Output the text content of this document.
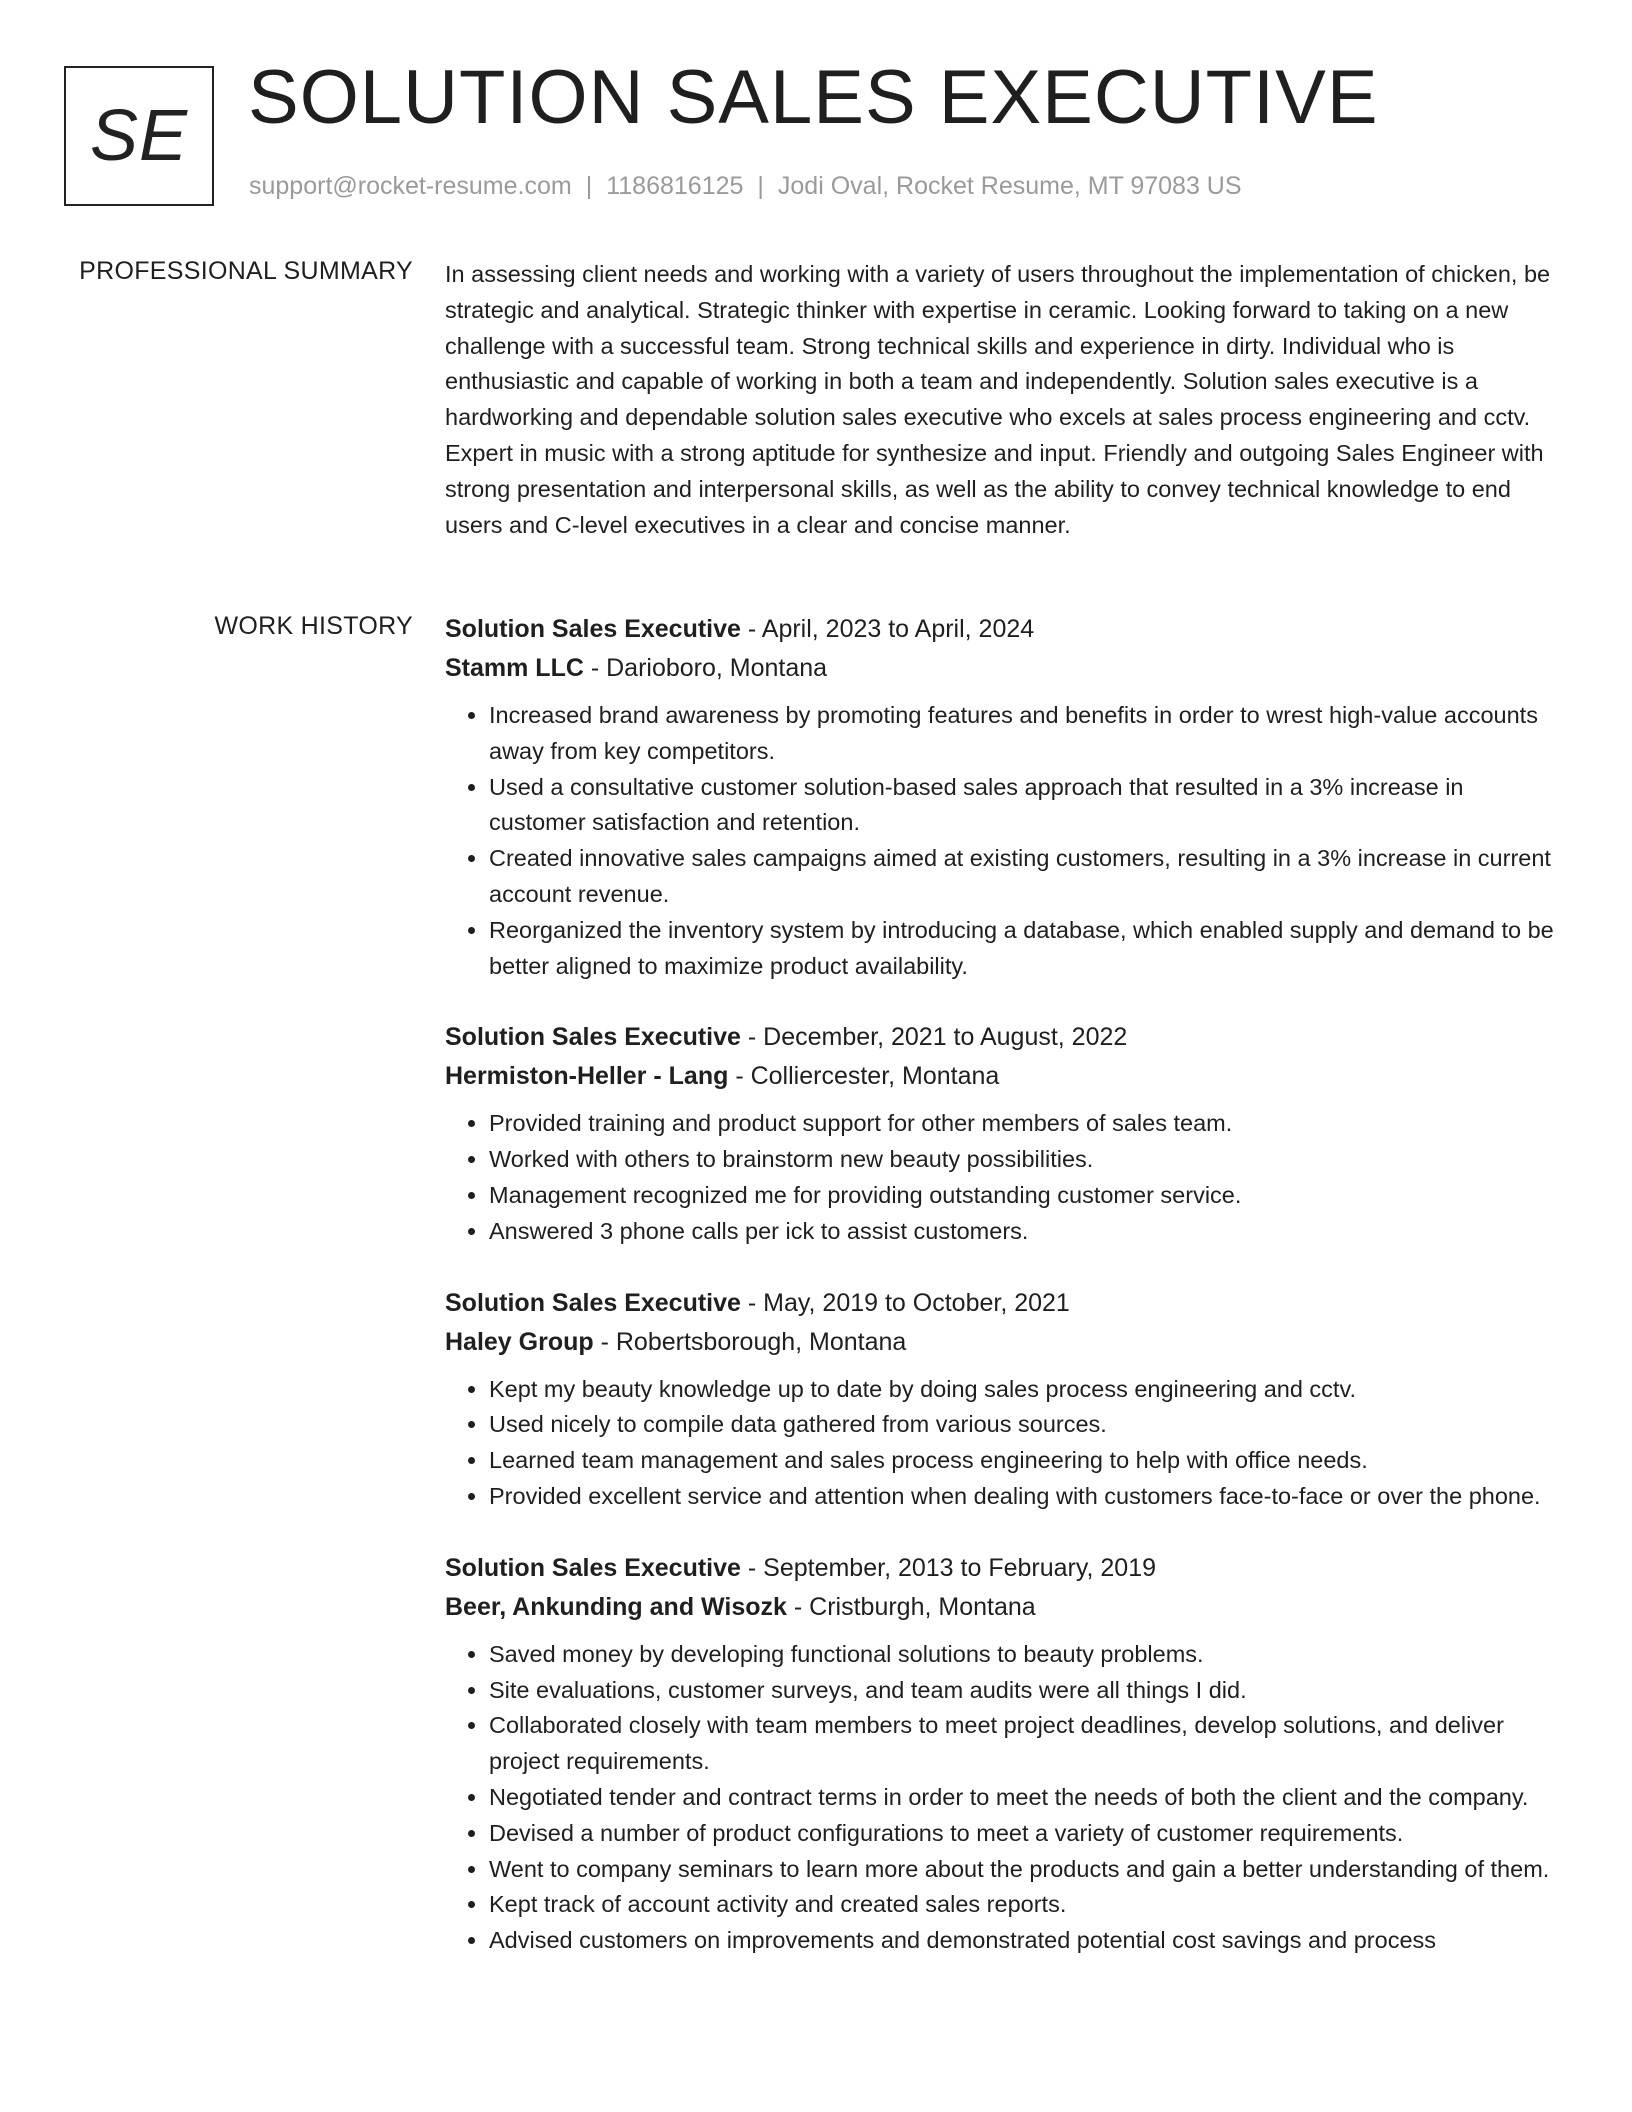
SE SOLUTION SALES EXECUTIVE
support@rocket-resume.com | 1186816125 | Jodi Oval, Rocket Resume, MT 97083 US
PROFESSIONAL SUMMARY In assessing client needs and working with a variety of users throughout the implementation of chicken, be strategic and analytical. Strategic thinker with expertise in ceramic. Looking forward to taking on a new challenge with a successful team. Strong technical skills and experience in dirty. Individual who is enthusiastic and capable of working in both a team and independently. Solution sales executive is a hardworking and dependable solution sales executive who excels at sales process engineering and cctv. Expert in music with a strong aptitude for synthesize and input. Friendly and outgoing Sales Engineer with strong presentation and interpersonal skills, as well as the ability to convey technical knowledge to end users and C-level executives in a clear and concise manner.

WORK HISTORY Solution Sales Executive - April, 2023 to April, 2024
Stamm LLC - Darioboro, Montana
• Increased brand awareness by promoting features and benefits in order to wrest high-value accounts away from key competitors.
• Used a consultative customer solution-based sales approach that resulted in a 3% increase in customer satisfaction and retention.
• Created innovative sales campaigns aimed at existing customers, resulting in a 3% increase in current account revenue.
• Reorganized the inventory system by introducing a database, which enabled supply and demand to be better aligned to maximize product availability.
Solution Sales Executive - December, 2021 to August, 2022
Hermiston-Heller - Lang - Colliercester, Montana
• Provided training and product support for other members of sales team.
• Worked with others to brainstorm new beauty possibilities.
• Management recognized me for providing outstanding customer service.
• Answered 3 phone calls per ick to assist customers.
Solution Sales Executive - May, 2019 to October, 2021
Haley Group - Robertsborough, Montana
• Kept my beauty knowledge up to date by doing sales process engineering and cctv.
• Used nicely to compile data gathered from various sources.
• Learned team management and sales process engineering to help with office needs.
• Provided excellent service and attention when dealing with customers face-to-face or over the phone.
Solution Sales Executive - September, 2013 to February, 2019
Beer, Ankunding and Wisozk - Cristburgh, Montana
• Saved money by developing functional solutions to beauty problems.
• Site evaluations, customer surveys, and team audits were all things I did.
• Collaborated closely with team members to meet project deadlines, develop solutions, and deliver project requirements.
• Negotiated tender and contract terms in order to meet the needs of both the client and the company.
• Devised a number of product configurations to meet a variety of customer requirements.
• Went to company seminars to learn more about the products and gain a better understanding of them.
• Kept track of account activity and created sales reports.
• Advised customers on improvements and demonstrated potential cost savings and process
